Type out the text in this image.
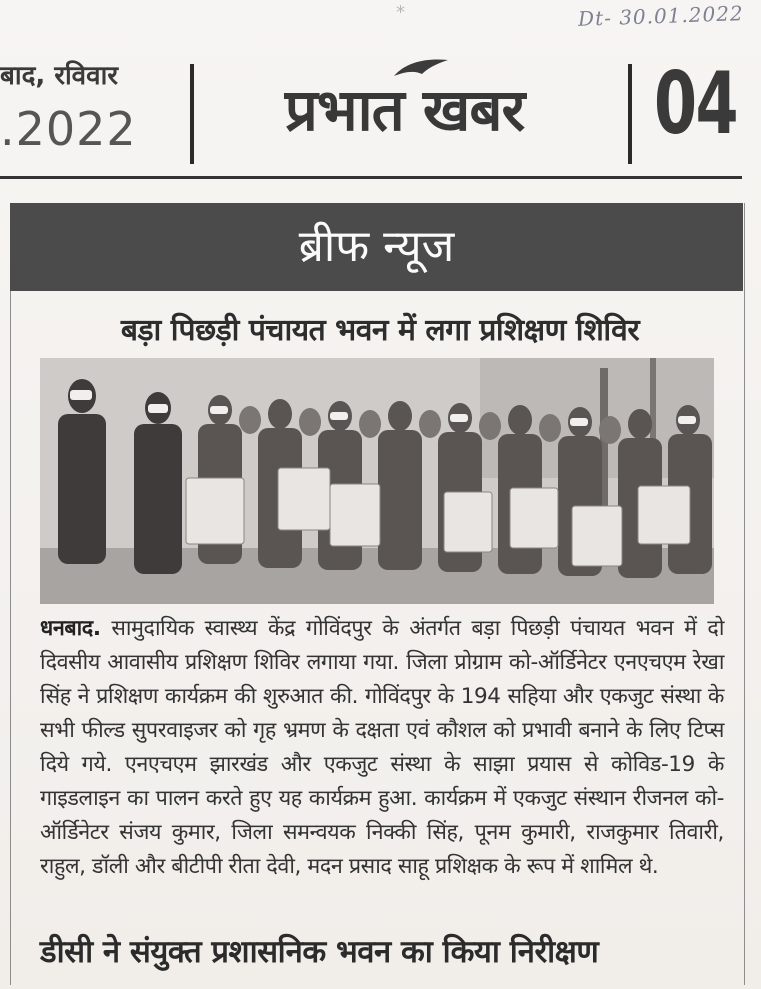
*	Dt- 30.01.2022
बाद, रविवार
.2022	प्रभात खबर	04
ब्रीफ न्यूज
बड़ा पिछड़ी पंचायत भवन में लगा प्रशिक्षण शिविर
धनबाद. सामुदायिक स्वास्थ्य केंद्र गोविंदपुर के अंतर्गत बड़ा पिछड़ी पंचायत भवन में दो दिवसीय आवासीय प्रशिक्षण शिविर लगाया गया. जिला प्रोग्राम को-ऑर्डिनेटर एनएचएम रेखा सिंह ने प्रशिक्षण कार्यक्रम की शुरुआत की. गोविंदपुर के 194 सहिया और एकजुट संस्था के सभी फील्ड सुपरवाइजर को गृह भ्रमण के दक्षता एवं कौशल को प्रभावी बनाने के लिए टिप्स दिये गये. एनएचएम झारखंड और एकजुट संस्था के साझा प्रयास से कोविड-19 के गाइडलाइन का पालन करते हुए यह कार्यक्रम हुआ. कार्यक्रम में एकजुट संस्थान रीजनल को-ऑर्डिनेटर संजय कुमार, जिला समन्वयक निक्की सिंह, पूनम कुमारी, राजकुमार तिवारी, राहुल, डॉली और बीटीपी रीता देवी, मदन प्रसाद साहू प्रशिक्षक के रूप में शामिल थे.
डीसी ने संयुक्त प्रशासनिक भवन का किया निरीक्षण
